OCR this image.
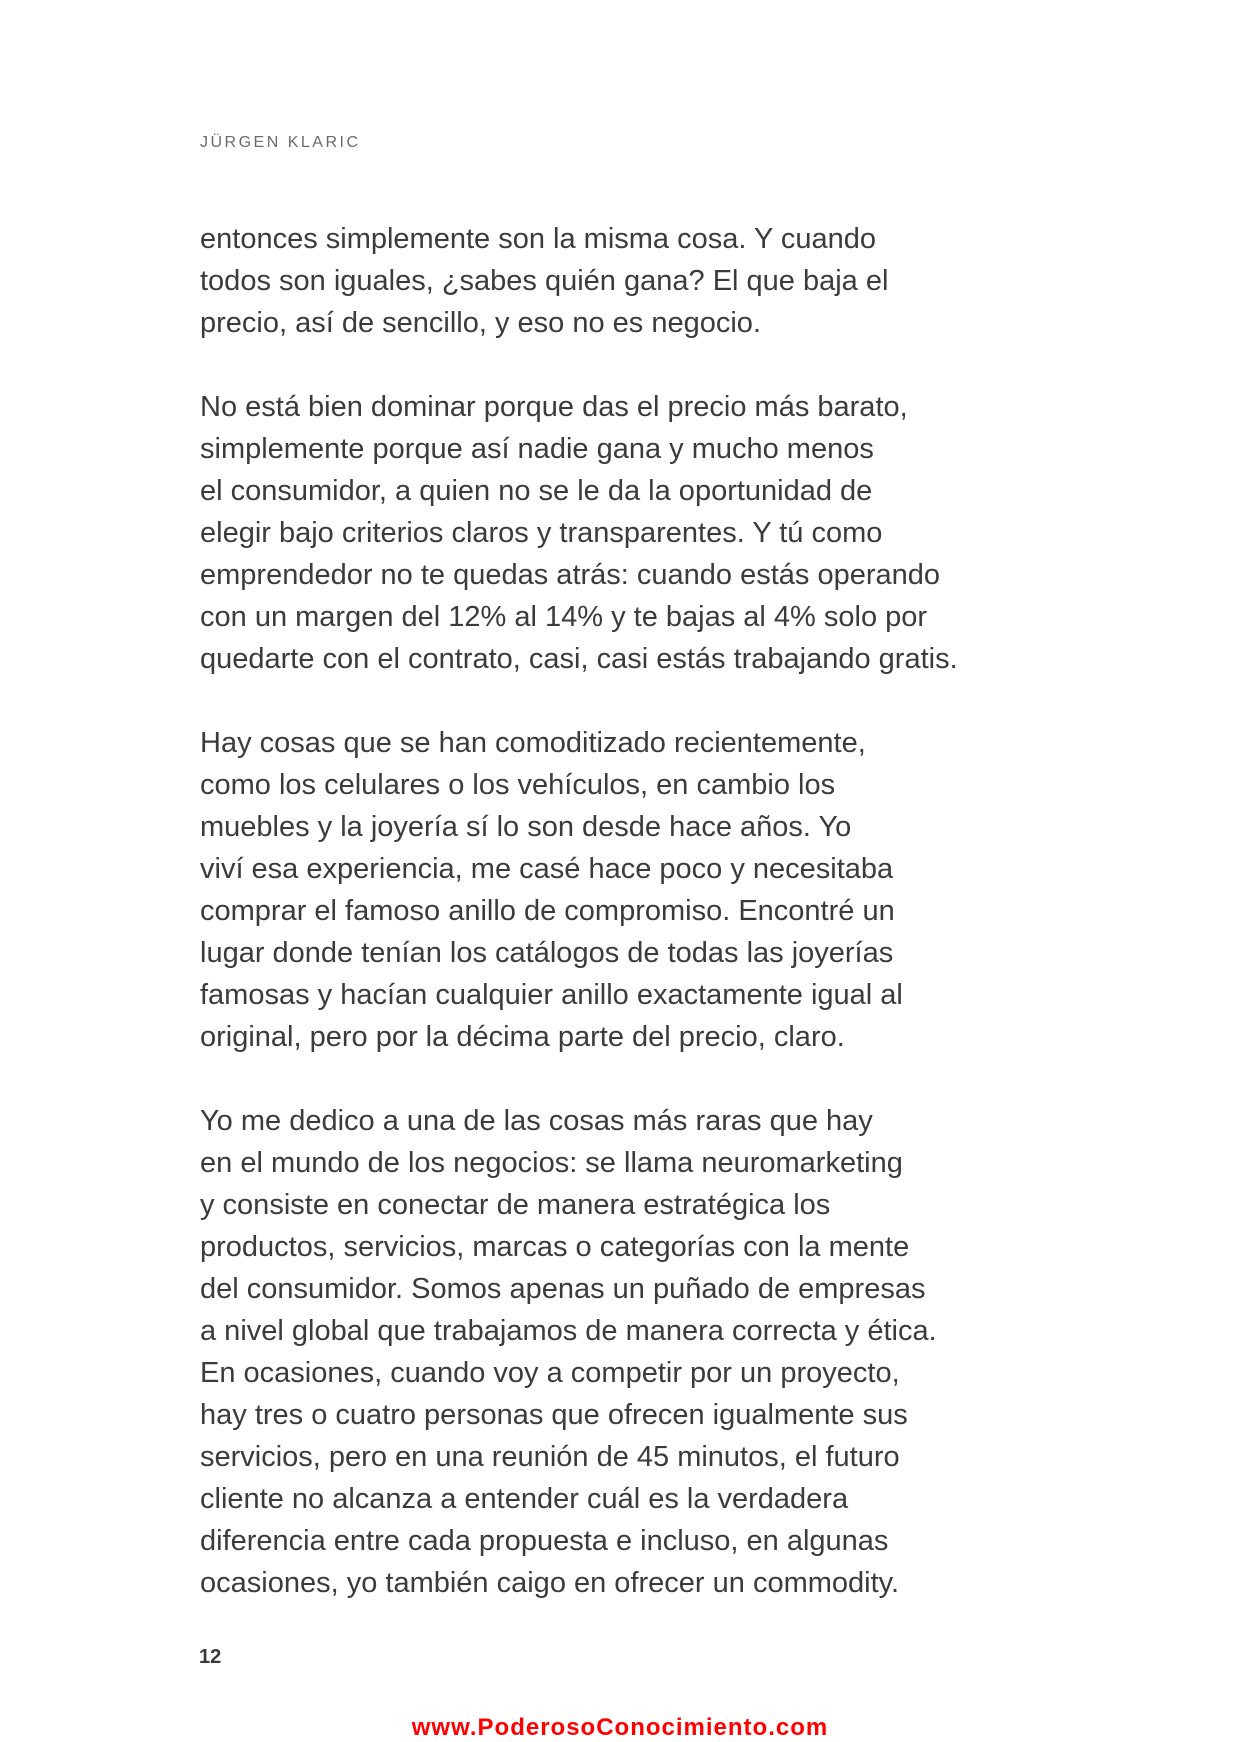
JÜRGEN KLARIC
entonces simplemente son la misma cosa. Y cuando
todos son iguales, ¿sabes quién gana? El que baja el
precio, así de sencillo, y eso no es negocio.
No está bien dominar porque das el precio más barato,
simplemente porque así nadie gana y mucho menos
el consumidor, a quien no se le da la oportunidad de
elegir bajo criterios claros y transparentes. Y tú como
emprendedor no te quedas atrás: cuando estás operando
con un margen del 12% al 14% y te bajas al 4% solo por
quedarte con el contrato, casi, casi estás trabajando gratis.
Hay cosas que se han comoditizado recientemente,
como los celulares o los vehículos, en cambio los
muebles y la joyería sí lo son desde hace años. Yo
viví esa experiencia, me casé hace poco y necesitaba
comprar el famoso anillo de compromiso. Encontré un
lugar donde tenían los catálogos de todas las joyerías
famosas y hacían cualquier anillo exactamente igual al
original, pero por la décima parte del precio, claro.
Yo me dedico a una de las cosas más raras que hay
en el mundo de los negocios: se llama neuromarketing
y consiste en conectar de manera estratégica los
productos, servicios, marcas o categorías con la mente
del consumidor. Somos apenas un puñado de empresas
a nivel global que trabajamos de manera correcta y ética.
En ocasiones, cuando voy a competir por un proyecto,
hay tres o cuatro personas que ofrecen igualmente sus
servicios, pero en una reunión de 45 minutos, el futuro
cliente no alcanza a entender cuál es la verdadera
diferencia entre cada propuesta e incluso, en algunas
ocasiones, yo también caigo en ofrecer un commodity.
12
www.PoderosoConocimiento.com
